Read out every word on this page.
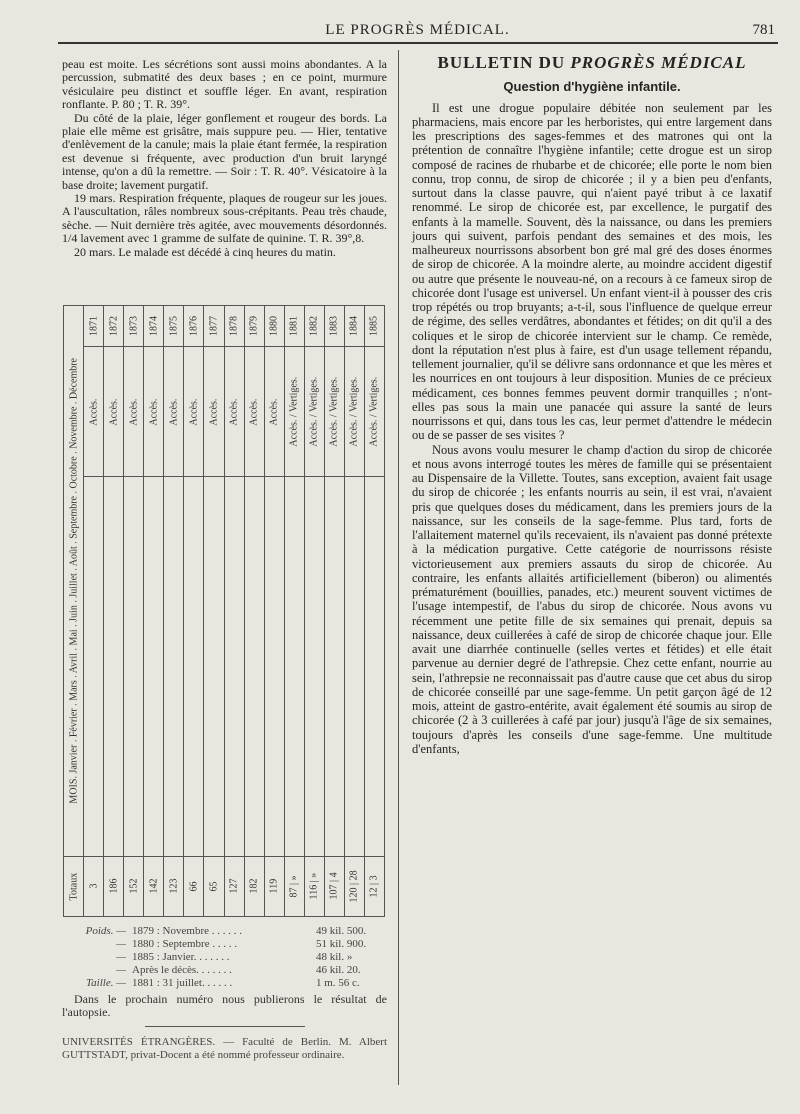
LE PROGRÈS MÉDICAL.	781

peau est moite. Les sécrétions sont aussi moins abondantes. A la percussion, submatité des deux bases ; en ce point, murmure vésiculaire peu distinct et souffle léger. En avant, respiration ronflante. P. 80 ; T. R. 39°.

Du côté de la plaie, léger gonflement et rougeur des bords. La plaie elle même est grisâtre, mais suppure peu. — Hier, tentative d'enlèvement de la canule; mais la plaie étant fermée, la respiration est devenue si fréquente, avec production d'un bruit laryngé intense, qu'on a dû la remettre. — Soir : T. R. 40°. Vésicatoire à la base droite; lavement purgatif.

19 mars. Respiration fréquente, plaques de rougeur sur les joues. A l'auscultation, râles nombreux sous-crépitants. Peau très chaude, sèche. — Nuit dernière très agitée, avec mouvements désordonnés. 1/4 lavement avec 1 gramme de sulfate de quinine. T. R. 39°,8.

20 mars. Le malade est décédé à cinq heures du matin.

MOIS. Janvier . Février . Mars . Avril . Mai . Juin . Juillet . Août . Septembre . Octobre . Novembre . Décembre	1871	1872	1873	1874	1875	1876	1877	1878	1879	1880	1881	1882	1883	1884	1885
	Accès.	Accès.	Accès.	Accès.	Accès.	Accès.	Accès.	Accès.	Accès.	Accès.	Accès. / Vertiges.	Accès. / Vertiges.	Accès. / Vertiges.	Accès. / Vertiges.	Accès. / Vertiges.

Totaux	3	186	152	142	123	66	65	127	182	119	87 | »	116 | »	107 | 4	120 | 28	12 | 3
Poids. — 1879 : Novembre . . . . . .	49 kil. 500.
— 1880 : Septembre . . . . .	51 kil. 900.
— 1885 : Janvier. . . . . . .	48 kil. »
— Après le décès. . . . . . .	46 kil. 20.
Taille. — 1881 : 31 juillet. . . . . .	1 m. 56 c.

Dans le prochain numéro nous publierons le résultat de l'autopsie.

UNIVERSITÉS ÉTRANGÈRES. — Faculté de Berlin. M. Albert GUTTSTADT, privat-Docent a été nommé professeur ordinaire.
BULLETIN DU PROGRÈS MÉDICAL
Question d'hygiène infantile.

Il est une drogue populaire débitée non seulement par les pharmaciens, mais encore par les herboristes, qui entre largement dans les prescriptions des sages-femmes et des matrones qui ont la prétention de connaître l'hygiène infantile; cette drogue est un sirop composé de racines de rhubarbe et de chicorée; elle porte le nom bien connu, trop connu, de sirop de chicorée ; il y a bien peu d'enfants, surtout dans la classe pauvre, qui n'aient payé tribut à ce laxatif renommé. Le sirop de chicorée est, par excellence, le purgatif des enfants à la mamelle. Souvent, dès la naissance, ou dans les premiers jours qui suivent, parfois pendant des semaines et des mois, les malheureux nourrissons absorbent bon gré mal gré des doses énormes de sirop de chicorée. A la moindre alerte, au moindre accident digestif ou autre que présente le nouveau-né, on a recours à ce fameux sirop de chicorée dont l'usage est universel. Un enfant vient-il à pousser des cris trop répétés ou trop bruyants; a-t-il, sous l'influence de quelque erreur de régime, des selles verdâtres, abondantes et fétides; on dit qu'il a des coliques et le sirop de chicorée intervient sur le champ. Ce remède, dont la réputation n'est plus à faire, est d'un usage tellement répandu, tellement journalier, qu'il se délivre sans ordonnance et que les mères et les nourrices en ont toujours à leur disposition. Munies de ce précieux médicament, ces bonnes femmes peuvent dormir tranquilles ; n'ont-elles pas sous la main une panacée qui assure la santé de leurs nourrissons et qui, dans tous les cas, leur permet d'attendre le médecin ou de se passer de ses visites ?

Nous avons voulu mesurer le champ d'action du sirop de chicorée et nous avons interrogé toutes les mères de famille qui se présentaient au Dispensaire de la Villette. Toutes, sans exception, avaient fait usage du sirop de chicorée ; les enfants nourris au sein, il est vrai, n'avaient pris que quelques doses du médicament, dans les premiers jours de la naissance, sur les conseils de la sage-femme. Plus tard, forts de l'allaitement maternel qu'ils recevaient, ils n'avaient pas donné prétexte à la médication purgative. Cette catégorie de nourrissons résiste victorieusement aux premiers assauts du sirop de chicorée. Au contraire, les enfants allaités artificiellement (biberon) ou alimentés prématurément (bouillies, panades, etc.) meurent souvent victimes de l'usage intempestif, de l'abus du sirop de chicorée. Nous avons vu récemment une petite fille de six semaines qui prenait, depuis sa naissance, deux cuillerées à café de sirop de chicorée chaque jour. Elle avait une diarrhée continuelle (selles vertes et fétides) et elle était parvenue au dernier degré de l'athrepsie. Chez cette enfant, nourrie au sein, l'athrepsie ne reconnaissait pas d'autre cause que cet abus du sirop de chicorée conseillé par une sage-femme. Un petit garçon âgé de 12 mois, atteint de gastro-entérite, avait également été soumis au sirop de chicorée (2 à 3 cuillerées à café par jour) jusqu'à l'âge de six semaines, toujours d'après les conseils d'une sage-femme. Une multitude d'enfants,
